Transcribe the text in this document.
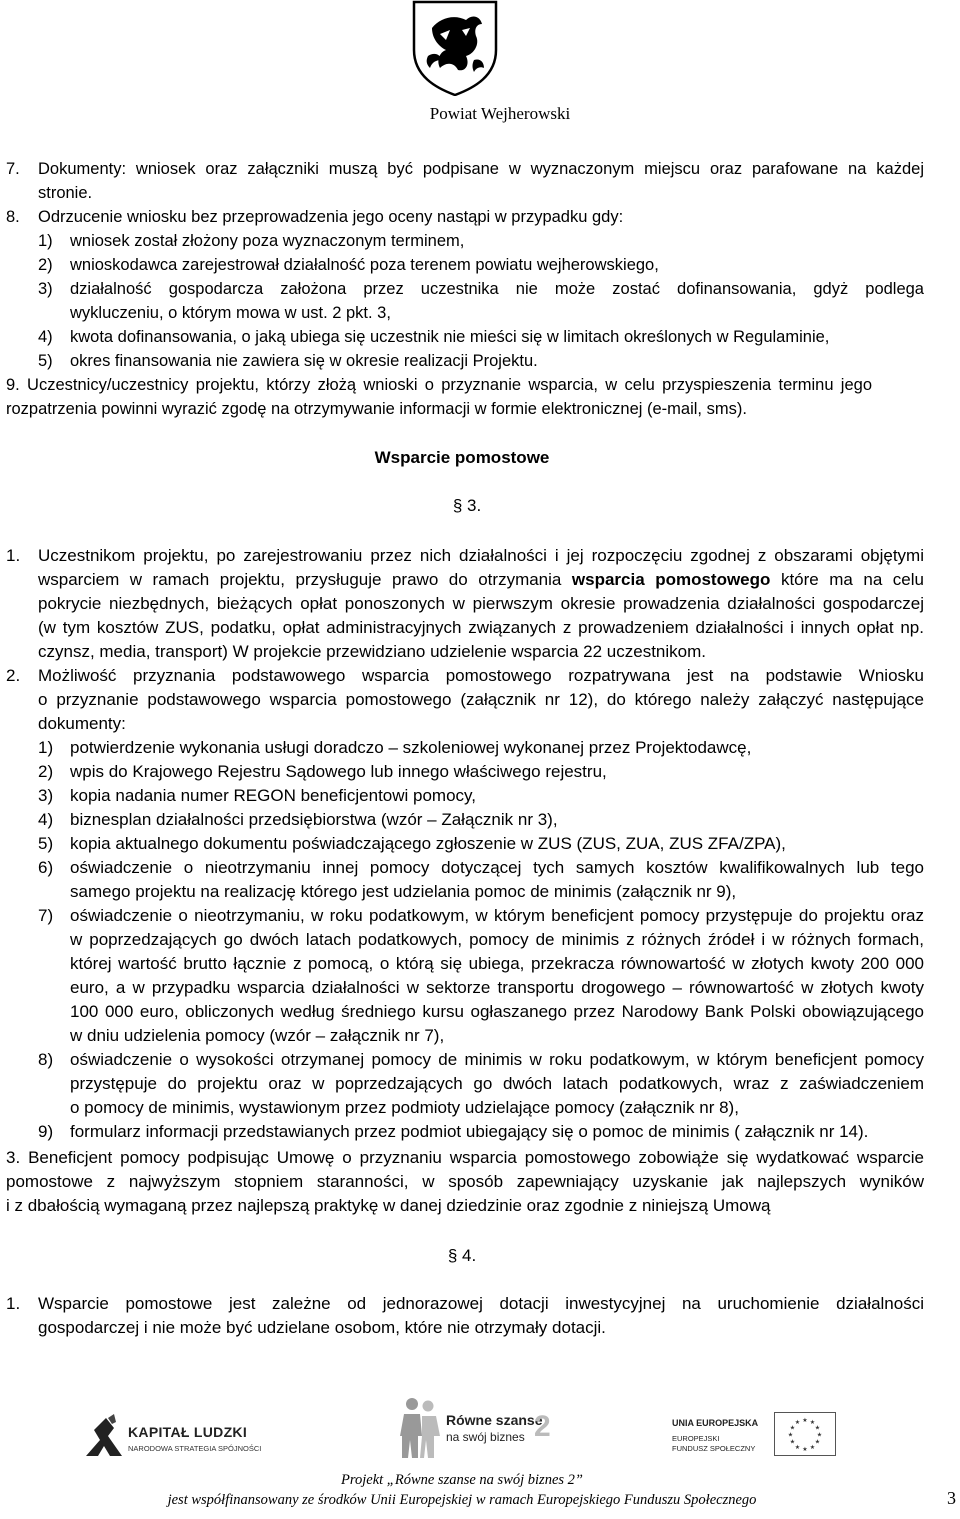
Powiat Wejherowski
7. Dokumenty: wniosek oraz załączniki muszą być podpisane w wyznaczonym miejscu oraz parafowane na każdej
stronie.
8. Odrzucenie wniosku bez przeprowadzenia jego oceny nastąpi w przypadku gdy:
1) wniosek został złożony poza wyznaczonym terminem,
2) wnioskodawca zarejestrował działalność poza terenem powiatu wejherowskiego,
3) działalność gospodarcza założona przez uczestnika nie może zostać dofinansowania, gdyż podlega
wykluczeniu, o którym mowa w ust. 2 pkt. 3,
4) kwota dofinansowania, o jaką ubiega się uczestnik nie mieści się w limitach określonych w Regulaminie,
5) okres finansowania nie zawiera się w okresie realizacji Projektu.
9. Uczestnicy/uczestnicy projektu, którzy złożą wnioski o przyznanie wsparcia, w celu przyspieszenia terminu jego
rozpatrzenia powinni wyrazić zgodę na otrzymywanie informacji w formie elektronicznej (e-mail, sms).
Wsparcie pomostowe
§ 3.
1. Uczestnikom projektu, po zarejestrowaniu przez nich działalności i jej rozpoczęciu zgodnej z obszarami objętymi
wsparciem w ramach projektu, przysługuje prawo do otrzymania wsparcia pomostowego które ma na celu
pokrycie niezbędnych, bieżących opłat ponoszonych w pierwszym okresie prowadzenia działalności gospodarczej
(w tym kosztów ZUS, podatku, opłat administracyjnych związanych z prowadzeniem działalności i innych opłat np.
czynsz, media, transport) W projekcie przewidziano udzielenie wsparcia 22 uczestnikom.
2. Możliwość przyznania podstawowego wsparcia pomostowego rozpatrywana jest na podstawie Wniosku
o przyznanie podstawowego wsparcia pomostowego (załącznik nr 12), do którego należy załączyć następujące
dokumenty:
1) potwierdzenie wykonania usługi doradczo – szkoleniowej wykonanej przez Projektodawcę,
2) wpis do Krajowego Rejestru Sądowego lub innego właściwego rejestru,
3) kopia nadania numer REGON beneficjentowi pomocy,
4) biznesplan działalności przedsiębiorstwa (wzór – Załącznik nr 3),
5) kopia aktualnego dokumentu poświadczającego zgłoszenie w ZUS (ZUS, ZUA, ZUS ZFA/ZPA),
6) oświadczenie o nieotrzymaniu innej pomocy dotyczącej tych samych kosztów kwalifikowalnych lub tego
samego projektu na realizację którego jest udzielania pomoc de minimis (załącznik nr 9),
7) oświadczenie o nieotrzymaniu, w roku podatkowym, w którym beneficjent pomocy przystępuje do projektu oraz
w poprzedzających go dwóch latach podatkowych, pomocy de minimis z różnych źródeł i w różnych formach,
której wartość brutto łącznie z pomocą, o którą się ubiega, przekracza równowartość w złotych kwoty 200 000
euro, a w przypadku wsparcia działalności w sektorze transportu drogowego – równowartość w złotych kwoty
100 000 euro, obliczonych według średniego kursu ogłaszanego przez Narodowy Bank Polski obowiązującego
w dniu udzielenia pomocy (wzór – załącznik nr 7),
8) oświadczenie o wysokości otrzymanej pomocy de minimis w roku podatkowym, w którym beneficjent pomocy
przystępuje do projektu oraz w poprzedzających go dwóch latach podatkowych, wraz z zaświadczeniem
o pomocy de minimis, wystawionym przez podmioty udzielające pomocy (załącznik nr 8),
9) formularz informacji przedstawianych przez podmiot ubiegający się o pomoc de minimis ( załącznik nr 14).
3. Beneficjent pomocy podpisując Umowę o przyznaniu wsparcia pomostowego zobowiąże się wydatkować wsparcie
pomostowe z najwyższym stopniem staranności, w sposób zapewniający uzyskanie jak najlepszych wyników
i z dbałością wymaganą przez najlepszą praktykę w danej dziedzinie oraz zgodnie z niniejszą Umową
§ 4.
1. Wsparcie pomostowe jest zależne od jednorazowej dotacji inwestycyjnej na uruchomienie działalności
gospodarczej i nie może być udzielane osobom, które nie otrzymały dotacji.
KAPITAŁ LUDZKI
NARODOWA STRATEGIA SPÓJNOŚCI
Równe szanse
na swój biznes 2	UNIA EUROPEJSKA
EUROPEJSKI
FUNDUSZ SPOŁECZNY
★ ★
★
★
★
★
★
★
★
★
★
★
Projekt „Równe szanse na swój biznes 2”
jest współfinansowany ze środków Unii Europejskiej w ramach Europejskiego Funduszu Społecznego	3
